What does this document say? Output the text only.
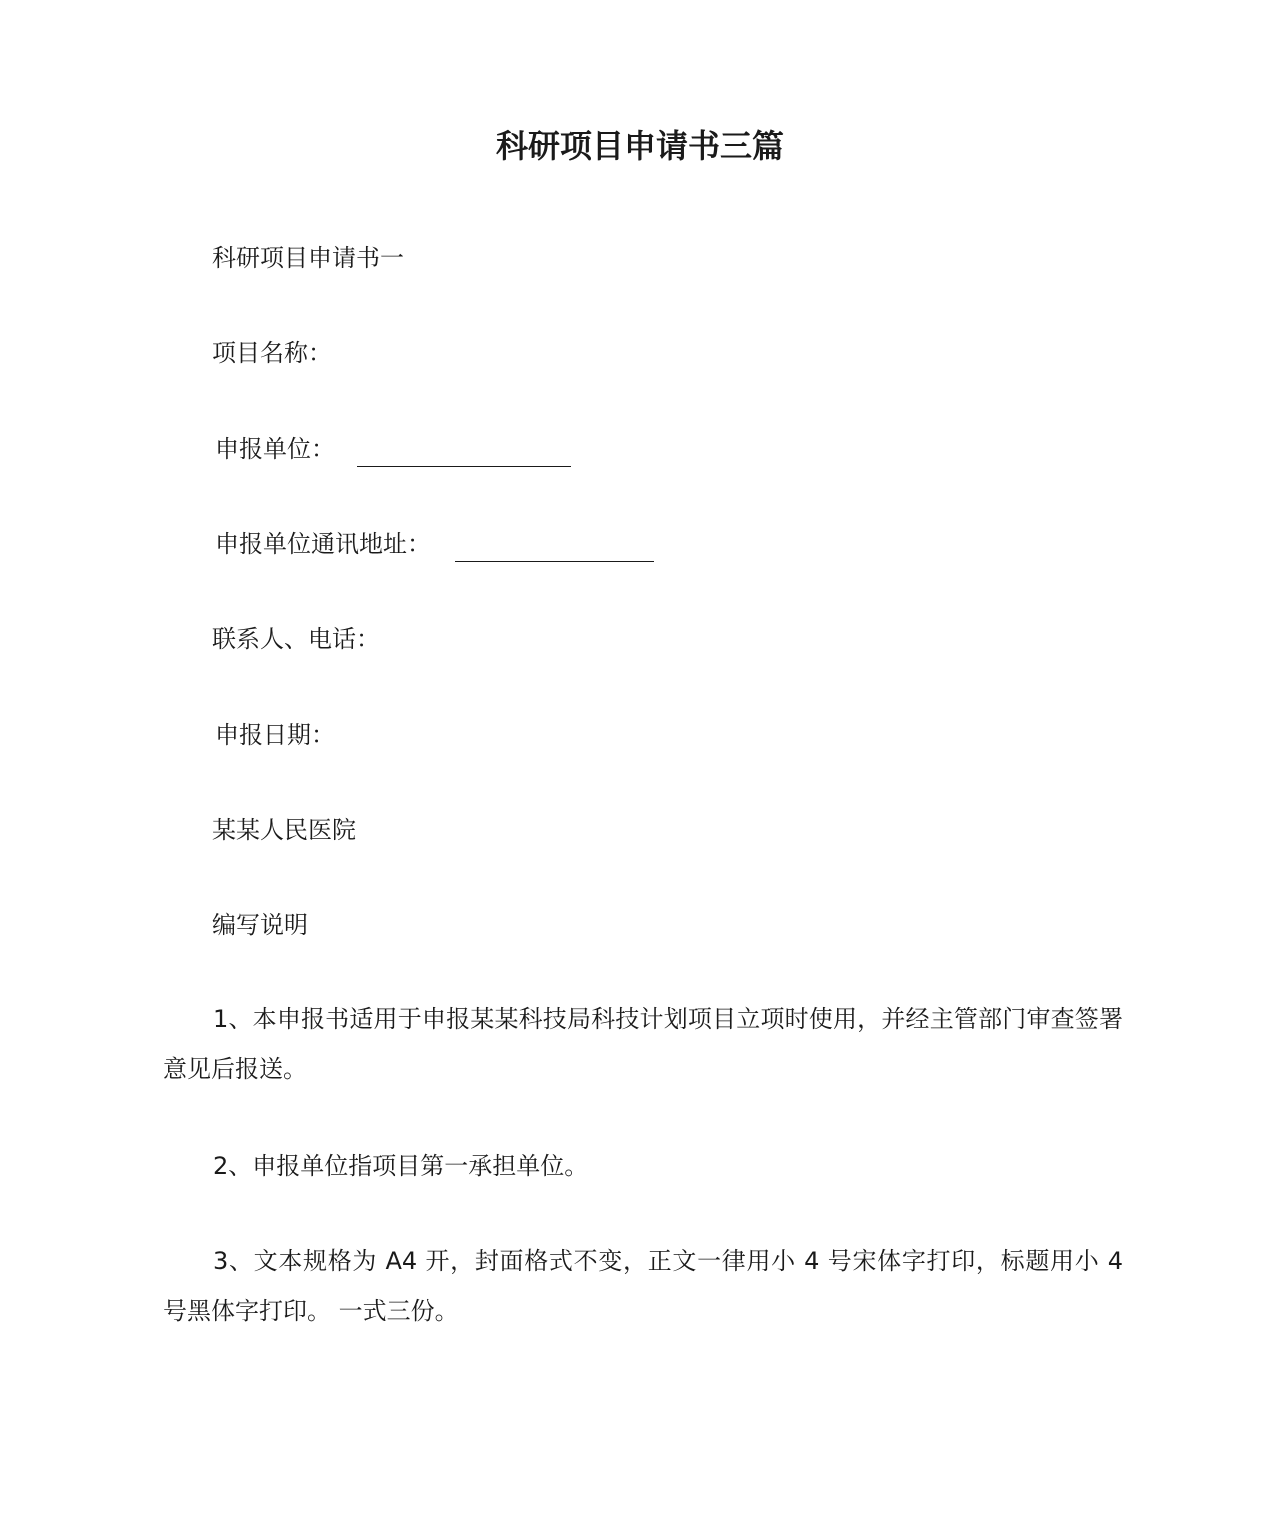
科研项目申请书三篇
科研项目申请书一
项目名称：
申报单位：
申报单位通讯地址：
联系人、电话：
申报日期：
某某人民医院
编写说明

1、本申报书适用于申报某某科技局科技计划项目立项时使用，并经主管部门审查签署意见后报送。

2、申报单位指项目第一承担单位。

3、文本规格为 A4 开，封面格式不变，正文一律用小 4 号宋体字打印，标题用小 4 号黑体字打印。 一式三份。
